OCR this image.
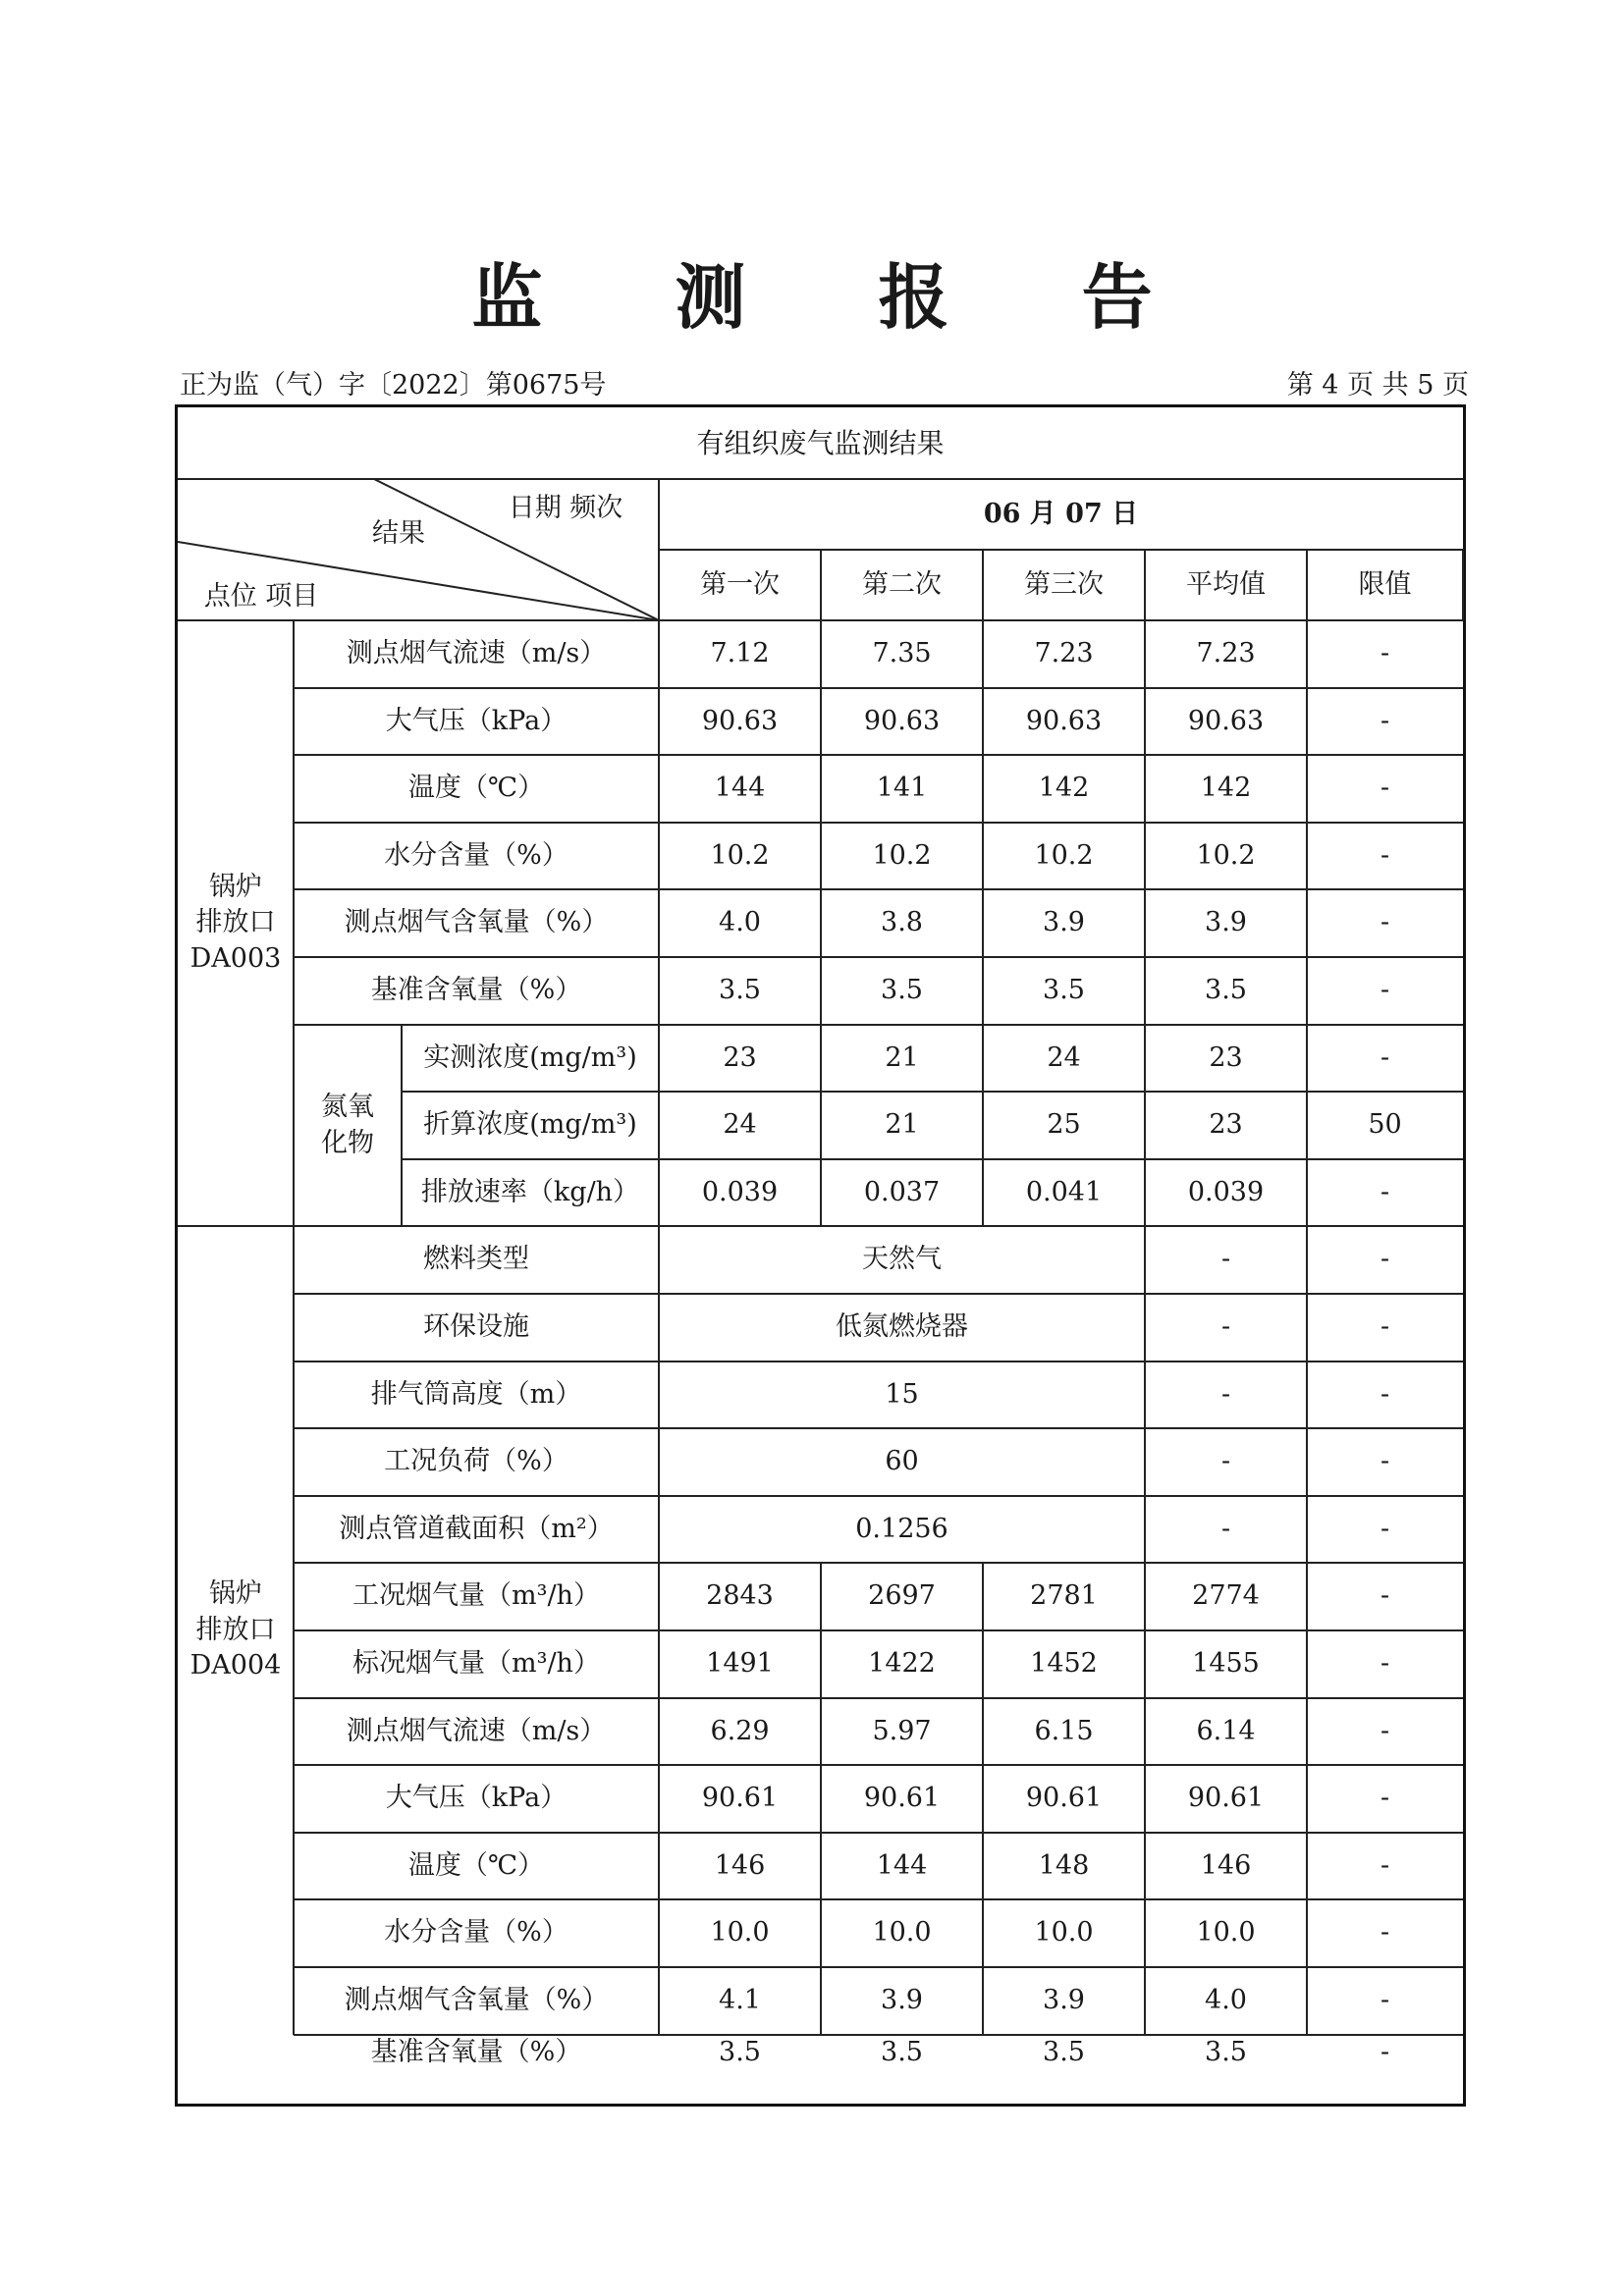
监 测 报 告
正为监（气）字〔2022〕第0675号	第 4 页 共 5 页
有组织废气监测结果
06 月 07 日
第一次	第二次	第三次	平均值	限值
日期 频次
结果
点位 项目
锅炉
排放口
DA003
测点烟气流速（m/s）	7.12	7.35	7.23	7.23	-
大气压（kPa）	90.63	90.63	90.63	90.63	-
温度（℃）	144	141	142	142	-
水分含量（%）	10.2	10.2	10.2	10.2	-
测点烟气含氧量（%）	4.0	3.8	3.9	3.9	-
基准含氧量（%）	3.5	3.5	3.5	3.5	-
实测浓度(mg/m³)	23	21	24	23	-
折算浓度(mg/m³)	24	21	25	23	50
排放速率（kg/h）	0.039	0.037	0.041	0.039	-
氮氧
化物
锅炉
排放口
DA004
燃料类型	天然气	-	-
环保设施	低氮燃烧器	-	-
排气筒高度（m）	15	-	-
工况负荷（%）	60	-	-
测点管道截面积（m²）	0.1256	-	-
工况烟气量（m³/h）	2843	2697	2781	2774	-
标况烟气量（m³/h）	1491	1422	1452	1455	-
测点烟气流速（m/s）	6.29	5.97	6.15	6.14	-
大气压（kPa）	90.61	90.61	90.61	90.61	-
温度（℃）	146	144	148	146	-
水分含量（%）	10.0	10.0	10.0	10.0	-
测点烟气含氧量（%）	4.1	3.9	3.9	4.0	-
基准含氧量（%）	3.5	3.5	3.5	3.5	-
